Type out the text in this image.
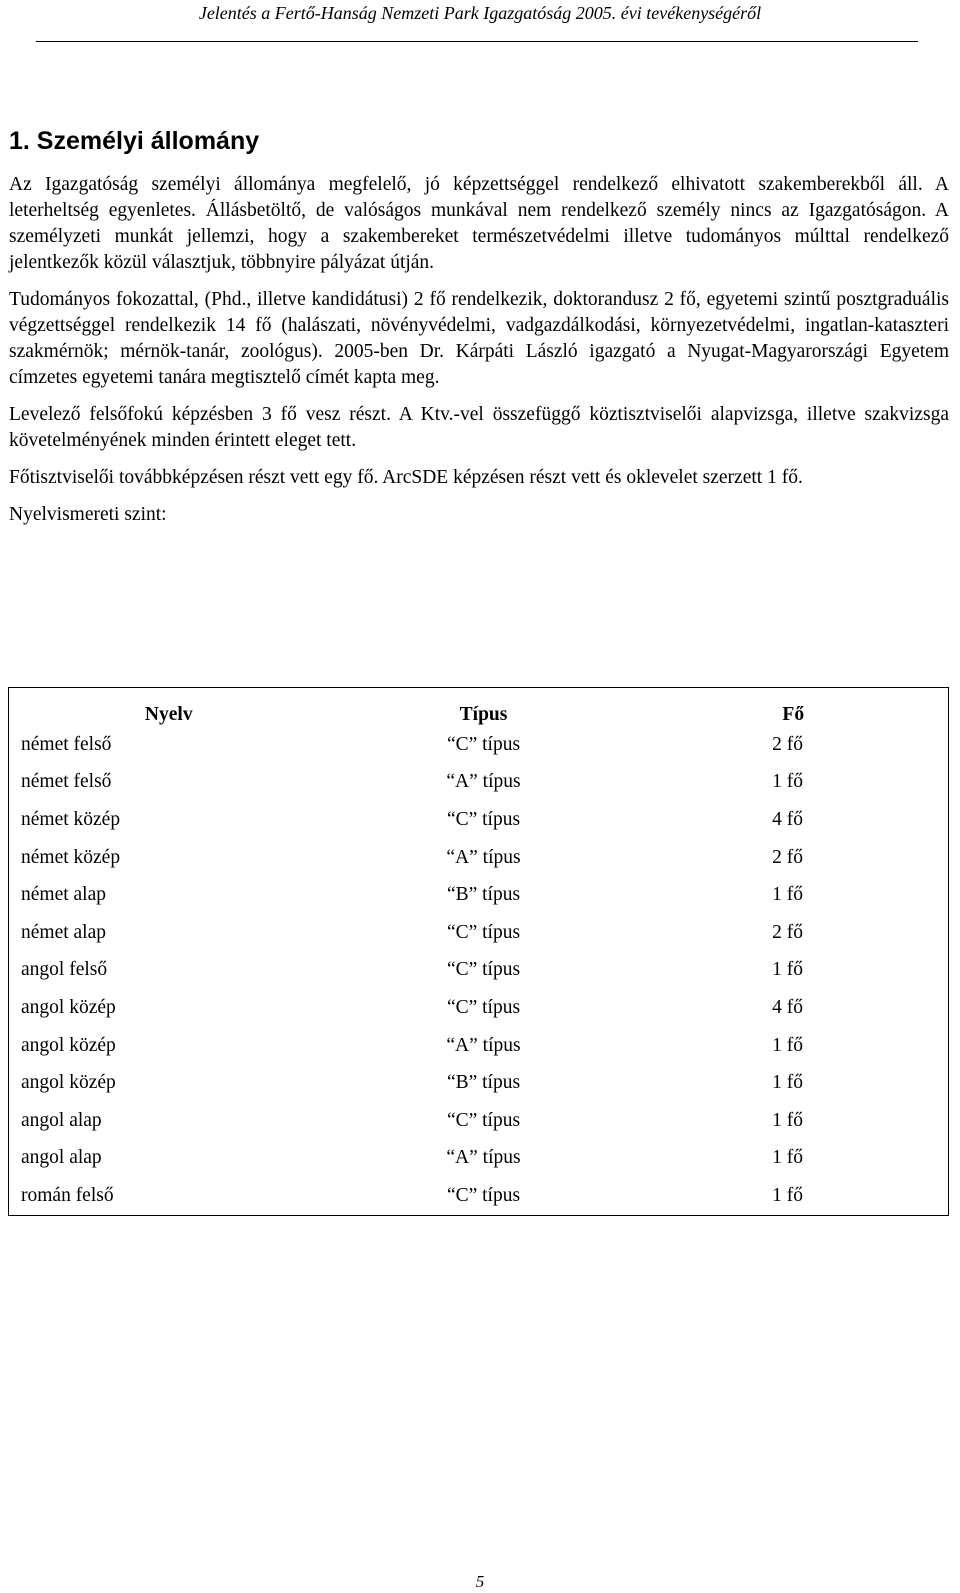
Jelentés a Fertő-Hanság Nemzeti Park Igazgatóság 2005. évi tevékenységéről
1. Személyi állomány

Az Igazgatóság személyi állománya megfelelő, jó képzettséggel rendelkező elhivatott szakemberekből áll. A leterheltség egyenletes. Állásbetöltő, de valóságos munkával nem rendelkező személy nincs az Igazgatóságon. A személyzeti munkát jellemzi, hogy a szakembereket természetvédelmi illetve tudományos múlttal rendelkező jelentkezők közül választjuk, többnyire pályázat útján.

Tudományos fokozattal, (Phd., illetve kandidátusi) 2 fő rendelkezik, doktorandusz 2 fő, egyetemi szintű posztgraduális végzettséggel rendelkezik 14 fő (halászati, növényvédelmi, vadgazdálkodási, környezetvédelmi, ingatlan-kataszteri szakmérnök; mérnök-tanár, zoológus). 2005-ben Dr. Kárpáti László igazgató a Nyugat-Magyarországi Egyetem címzetes egyetemi tanára megtisztelő címét kapta meg.

Levelező felsőfokú képzésben 3 fő vesz részt. A Ktv.-vel összefüggő köztisztviselői alapvizsga, illetve szakvizsga követelményének minden érintett eleget tett.

Főtisztviselői továbbképzésen részt vett egy fő. ArcSDE képzésen részt vett és oklevelet szerzett 1 fő.

Nyelvismereti szint:

Nyelv	Típus	Fő
német felső	“C” típus	2 fő
német felső	“A” típus	1 fő
német közép	“C” típus	4 fő
német közép	“A” típus	2 fő
német alap	“B” típus	1 fő
német alap	“C” típus	2 fő
angol felső	“C” típus	1 fő
angol közép	“C” típus	4 fő
angol közép	“A” típus	1 fő
angol közép	“B” típus	1 fő
angol alap	“C” típus	1 fő
angol alap	“A” típus	1 fő
román felső	“C” típus	1 fő
5
